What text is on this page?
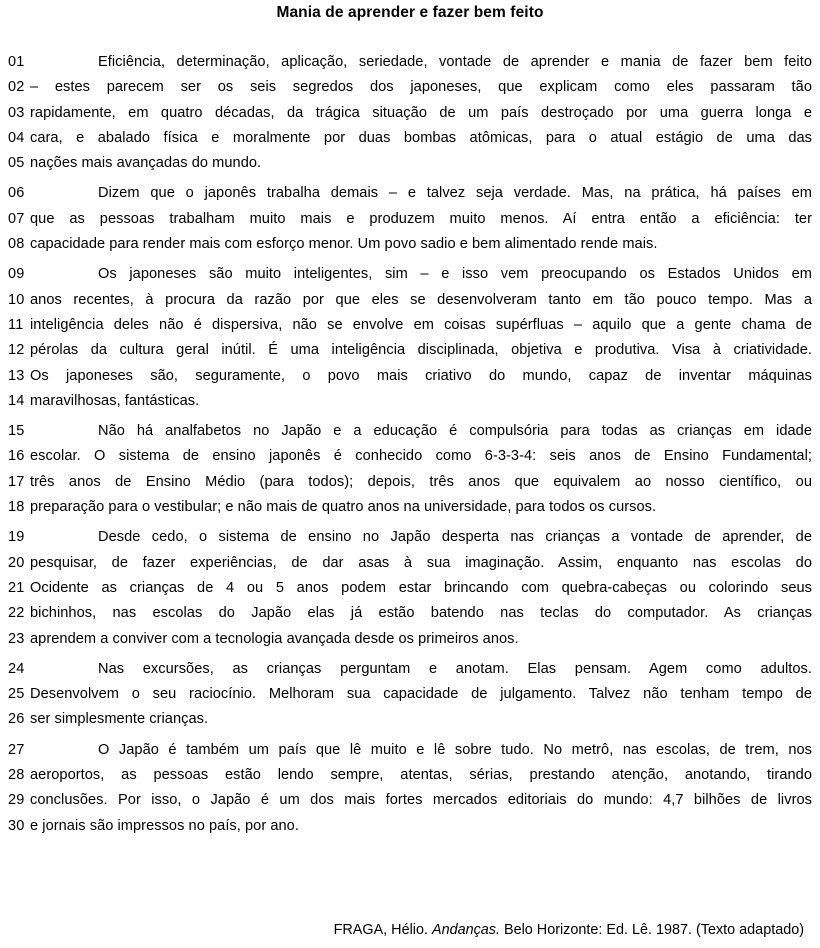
Mania de aprender e fazer bem feito
01	Eficiência, determinação, aplicação, seriedade, vontade de aprender e mania de fazer bem feito
02 – estes parecem ser os seis segredos dos japoneses, que explicam como eles passaram tão
03 rapidamente, em quatro décadas, da trágica situação de um país destroçado por uma guerra longa e
04 cara, e abalado física e moralmente por duas bombas atômicas, para o atual estágio de uma das
05 nações mais avançadas do mundo.
06	Dizem que o japonês trabalha demais – e talvez seja verdade. Mas, na prática, há países em
07 que as pessoas trabalham muito mais e produzem muito menos. Aí entra então a eficiência: ter
08 capacidade para render mais com esforço menor. Um povo sadio e bem alimentado rende mais.
09	Os japoneses são muito inteligentes, sim – e isso vem preocupando os Estados Unidos em
10 anos recentes, à procura da razão por que eles se desenvolveram tanto em tão pouco tempo. Mas a
11 inteligência deles não é dispersiva, não se envolve em coisas supérfluas – aquilo que a gente chama de
12 pérolas da cultura geral inútil. É uma inteligência disciplinada, objetiva e produtiva. Visa à criatividade.
13 Os japoneses são, seguramente, o povo mais criativo do mundo, capaz de inventar máquinas
14 maravilhosas, fantásticas.
15	Não há analfabetos no Japão e a educação é compulsória para todas as crianças em idade
16 escolar. O sistema de ensino japonês é conhecido como 6-3-3-4: seis anos de Ensino Fundamental;
17 três anos de Ensino Médio (para todos); depois, três anos que equivalem ao nosso científico, ou
18 preparação para o vestibular; e não mais de quatro anos na universidade, para todos os cursos.
19	Desde cedo, o sistema de ensino no Japão desperta nas crianças a vontade de aprender, de
20 pesquisar, de fazer experiências, de dar asas à sua imaginação. Assim, enquanto nas escolas do
21 Ocidente as crianças de 4 ou 5 anos podem estar brincando com quebra-cabeças ou colorindo seus
22 bichinhos, nas escolas do Japão elas já estão batendo nas teclas do computador. As crianças
23 aprendem a conviver com a tecnologia avançada desde os primeiros anos.
24	Nas excursões, as crianças perguntam e anotam. Elas pensam. Agem como adultos.
25 Desenvolvem o seu raciocínio. Melhoram sua capacidade de julgamento. Talvez não tenham tempo de
26 ser simplesmente crianças.
27	O Japão é também um país que lê muito e lê sobre tudo. No metrô, nas escolas, de trem, nos
28 aeroportos, as pessoas estão lendo sempre, atentas, sérias, prestando atenção, anotando, tirando
29 conclusões. Por isso, o Japão é um dos mais fortes mercados editoriais do mundo: 4,7 bilhões de livros
30 e jornais são impressos no país, por ano.
FRAGA, Hélio. Andanças. Belo Horizonte: Ed. Lê. 1987. (Texto adaptado)
